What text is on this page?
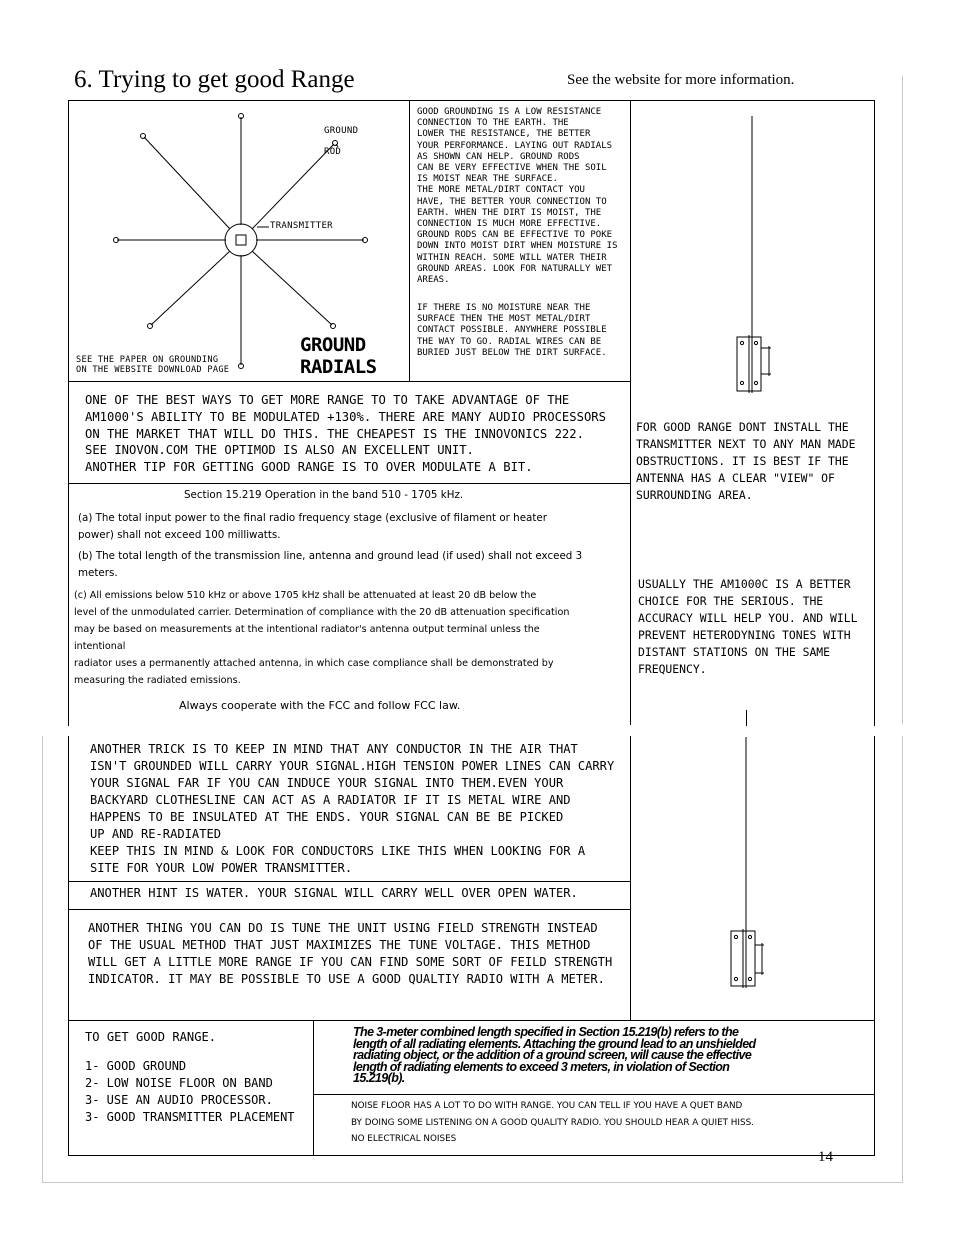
6. Trying to get good Range	See the website for more information.
GROUND
ROD
TRANSMITTER
GROUND
RADIALS
SEE THE PAPER ON GROUNDING
ON THE WEBSITE DOWNLOAD PAGE
GOOD GROUNDING IS A LOW RESISTANCE
CONNECTION TO THE EARTH. THE
LOWER THE RESISTANCE, THE BETTER
YOUR PERFORMANCE. LAYING OUT RADIALS
AS SHOWN CAN HELP. GROUND RODS
CAN BE VERY EFFECTIVE WHEN THE SOIL
IS MOIST NEAR THE SURFACE.
THE MORE METAL/DIRT CONTACT YOU
HAVE, THE BETTER YOUR CONNECTION TO
EARTH. WHEN THE DIRT IS MOIST, THE
CONNECTION IS MUCH MORE EFFECTIVE.
GROUND RODS CAN BE EFFECTIVE TO POKE
DOWN INTO MOIST DIRT WHEN MOISTURE IS
WITHIN REACH. SOME WILL WATER THEIR
GROUND AREAS. LOOK FOR NATURALLY WET
AREAS.
IF THERE IS NO MOISTURE NEAR THE
SURFACE THEN THE MOST METAL/DIRT
CONTACT POSSIBLE. ANYWHERE POSSIBLE
THE WAY TO GO. RADIAL WIRES CAN BE
BURIED JUST BELOW THE DIRT SURFACE.
ONE OF THE BEST WAYS TO GET MORE RANGE TO TO TAKE ADVANTAGE OF THE
AM1000'S ABILITY TO BE MODULATED +130%. THERE ARE MANY AUDIO PROCESSORS
ON THE MARKET THAT WILL DO THIS. THE CHEAPEST IS THE INNOVONICS 222.
SEE INOVON.COM THE OPTIMOD IS ALSO AN EXCELLENT UNIT.
ANOTHER TIP FOR GETTING GOOD RANGE IS TO OVER MODULATE A BIT.
Section 15.219 Operation in the band 510 - 1705 kHz.
(a) The total input power to the final radio frequency stage (exclusive of filament or heater
power) shall not exceed 100 milliwatts.
(b) The total length of the transmission line, antenna and ground lead (if used) shall not exceed 3
meters.
(c) All emissions below 510 kHz or above 1705 kHz shall be attenuated at least 20 dB below the
level of the unmodulated carrier. Determination of compliance with the 20 dB attenuation specification
may be based on measurements at the intentional radiator's antenna output terminal unless the
intentional
radiator uses a permanently attached antenna, in which case compliance shall be demonstrated by
measuring the radiated emissions.
Always cooperate with the FCC and follow FCC law.
FOR GOOD RANGE DONT INSTALL THE
TRANSMITTER NEXT TO ANY MAN MADE
OBSTRUCTIONS. IT IS BEST IF THE
ANTENNA HAS A CLEAR "VIEW" OF
SURROUNDING AREA.
USUALLY THE AM1000C IS A BETTER
CHOICE FOR THE SERIOUS. THE
ACCURACY WILL HELP YOU. AND WILL
PREVENT HETERODYNING TONES WITH
DISTANT STATIONS ON THE SAME
FREQUENCY.
ANOTHER TRICK IS TO KEEP IN MIND THAT ANY CONDUCTOR IN THE AIR THAT
ISN'T GROUNDED WILL CARRY YOUR SIGNAL.HIGH TENSION POWER LINES CAN CARRY
YOUR SIGNAL FAR IF YOU CAN INDUCE YOUR SIGNAL INTO THEM.EVEN YOUR
BACKYARD CLOTHESLINE CAN ACT AS A RADIATOR IF IT IS METAL WIRE AND
HAPPENS TO BE INSULATED AT THE ENDS. YOUR SIGNAL CAN BE BE PICKED
UP AND RE-RADIATED
KEEP THIS IN MIND & LOOK FOR CONDUCTORS LIKE THIS WHEN LOOKING FOR A
SITE FOR YOUR LOW POWER TRANSMITTER.
ANOTHER HINT IS WATER. YOUR SIGNAL WILL CARRY WELL OVER OPEN WATER.
ANOTHER THING YOU CAN DO IS TUNE THE UNIT USING FIELD STRENGTH INSTEAD
OF THE USUAL METHOD THAT JUST MAXIMIZES THE TUNE VOLTAGE. THIS METHOD
WILL GET A LITTLE MORE RANGE IF YOU CAN FIND SOME SORT OF FEILD STRENGTH
INDICATOR. IT MAY BE POSSIBLE TO USE A GOOD QUALTIY RADIO WITH A METER.
TO GET GOOD RANGE.
1- GOOD GROUND
2- LOW NOISE FLOOR ON BAND
3- USE AN AUDIO PROCESSOR.
3- GOOD TRANSMITTER PLACEMENT
The 3-meter combined length specified in Section 15.219(b) refers to the
length of all radiating elements. Attaching the ground lead to an unshielded
radiating object, or the addition of a ground screen, will cause the effective
length of radiating elements to exceed 3 meters, in violation of Section
15.219(b).
NOISE FLOOR HAS A LOT TO DO WITH RANGE. YOU CAN TELL IF YOU HAVE A QUET BAND
BY DOING SOME LISTENING ON A GOOD QUALITY RADIO. YOU SHOULD HEAR A QUIET HISS.
NO ELECTRICAL NOISES
14
